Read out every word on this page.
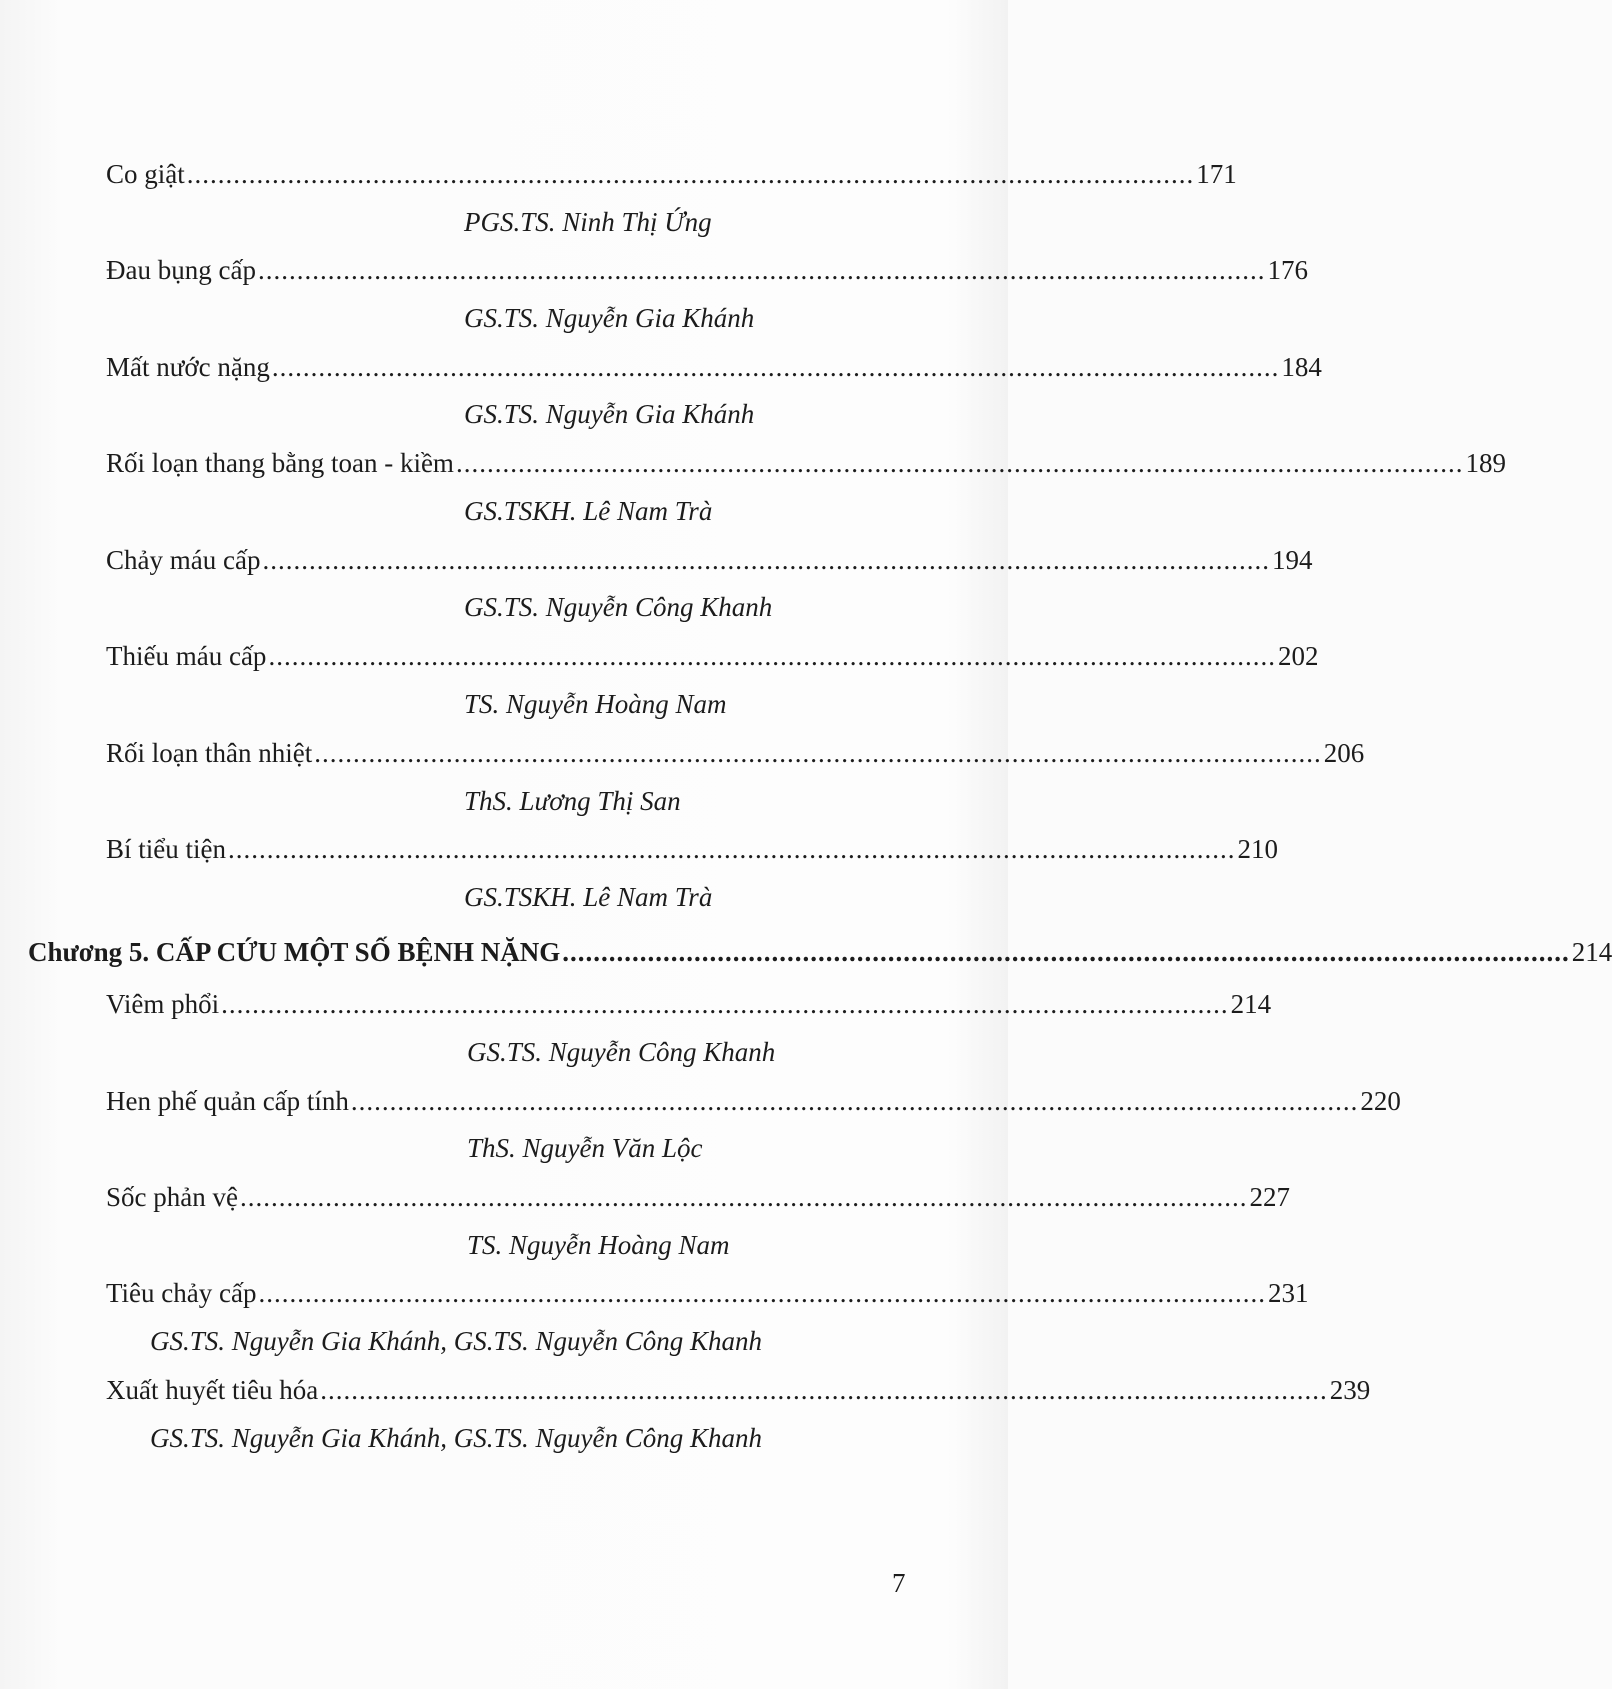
Co giật .................................................................................................................................. 171
PGS.TS. Ninh Thị Ứng
Đau bụng cấp .................................................................................................................................. 176
GS.TS. Nguyễn Gia Khánh
Mất nước nặng .................................................................................................................................. 184
GS.TS. Nguyễn Gia Khánh
Rối loạn thang bằng toan - kiềm .................................................................................................................................. 189
GS.TSKH. Lê Nam Trà
Chảy máu cấp .................................................................................................................................. 194
GS.TS. Nguyễn Công Khanh
Thiếu máu cấp .................................................................................................................................. 202
TS. Nguyễn Hoàng Nam
Rối loạn thân nhiệt .................................................................................................................................. 206
ThS. Lương Thị San
Bí tiểu tiện .................................................................................................................................. 210
GS.TSKH. Lê Nam Trà
Chương 5. CẤP CỨU MỘT SỐ BỆNH NẶNG .................................................................................................................................. 214
Viêm phổi .................................................................................................................................. 214
GS.TS. Nguyễn Công Khanh
Hen phế quản cấp tính .................................................................................................................................. 220
ThS. Nguyễn Văn Lộc
Sốc phản vệ .................................................................................................................................. 227
TS. Nguyễn Hoàng Nam
Tiêu chảy cấp .................................................................................................................................. 231
GS.TS. Nguyễn Gia Khánh, GS.TS. Nguyễn Công Khanh
Xuất huyết tiêu hóa .................................................................................................................................. 239
GS.TS. Nguyễn Gia Khánh, GS.TS. Nguyễn Công Khanh
7
